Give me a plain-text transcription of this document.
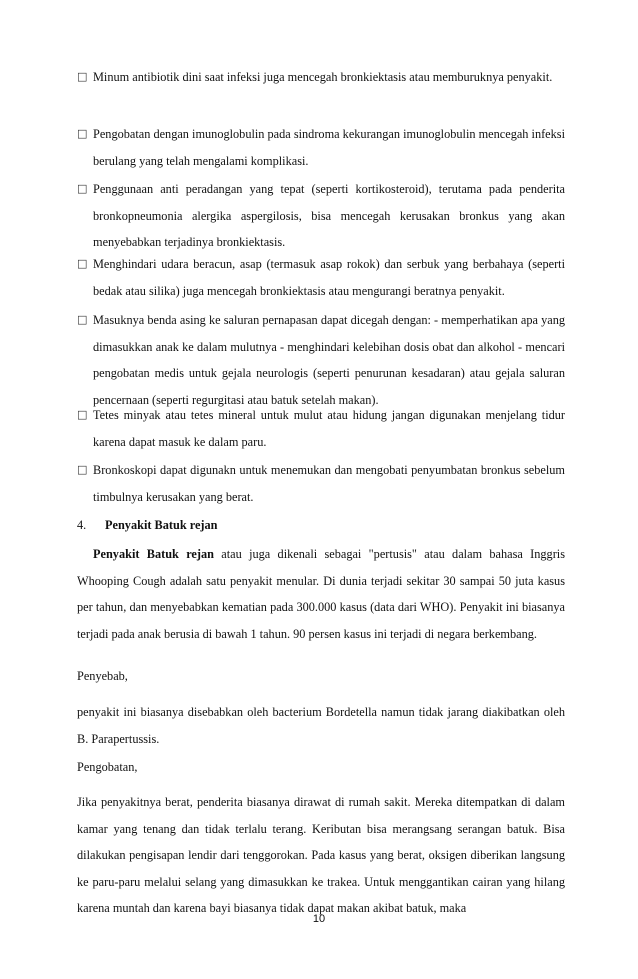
□ Minum antibiotik dini saat infeksi juga mencegah bronkiektasis atau memburuknya penyakit.
□ Pengobatan dengan imunoglobulin pada sindroma kekurangan imunoglobulin mencegah infeksi berulang yang telah mengalami komplikasi.
□ Penggunaan anti peradangan yang tepat (seperti kortikosteroid), terutama pada penderita bronkopneumonia alergika aspergilosis, bisa mencegah kerusakan bronkus yang akan menyebabkan terjadinya bronkiektasis.
□ Menghindari udara beracun, asap (termasuk asap rokok) dan serbuk yang berbahaya (seperti bedak atau silika) juga mencegah bronkiektasis atau mengurangi beratnya penyakit.
□ Masuknya benda asing ke saluran pernapasan dapat dicegah dengan: - memperhatikan apa yang dimasukkan anak ke dalam mulutnya - menghindari kelebihan dosis obat dan alkohol - mencari pengobatan medis untuk gejala neurologis (seperti penurunan kesadaran) atau gejala saluran pencernaan (seperti regurgitasi atau batuk setelah makan).
□ Tetes minyak atau tetes mineral untuk mulut atau hidung jangan digunakan menjelang tidur karena dapat masuk ke dalam paru.
□ Bronkoskopi dapat digunakn untuk menemukan dan mengobati penyumbatan bronkus sebelum timbulnya kerusakan yang berat.
4. Penyakit Batuk rejan
Penyakit Batuk rejan atau juga dikenali sebagai "pertusis" atau dalam bahasa Inggris Whooping Cough adalah satu penyakit menular. Di dunia terjadi sekitar 30 sampai 50 juta kasus per tahun, dan menyebabkan kematian pada 300.000 kasus (data dari WHO). Penyakit ini biasanya terjadi pada anak berusia di bawah 1 tahun. 90 persen kasus ini terjadi di negara berkembang.
Penyebab,
penyakit ini biasanya disebabkan oleh bacterium Bordetella namun tidak jarang diakibatkan oleh B. Parapertussis.
Pengobatan,
Jika penyakitnya berat, penderita biasanya dirawat di rumah sakit. Mereka ditempatkan di dalam kamar yang tenang dan tidak terlalu terang. Keributan bisa merangsang serangan batuk. Bisa dilakukan pengisapan lendir dari tenggorokan. Pada kasus yang berat, oksigen diberikan langsung ke paru-paru melalui selang yang dimasukkan ke trakea. Untuk menggantikan cairan yang hilang karena muntah dan karena bayi biasanya tidak dapat makan akibat batuk, maka
10
